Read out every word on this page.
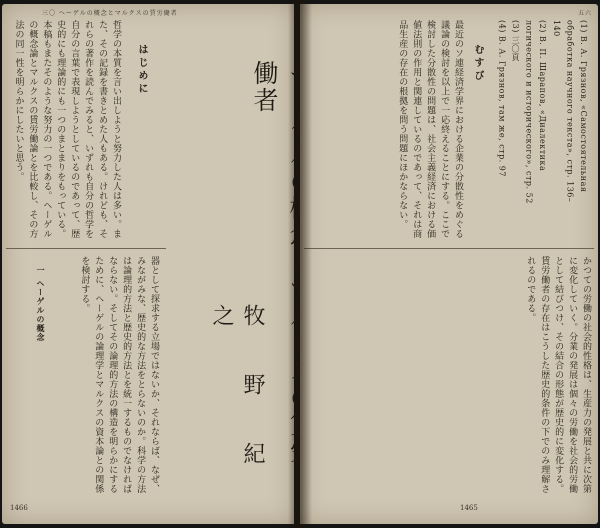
三〇 ヘーゲルの概念とマルクスの賃労働者
哲学の本質を言い出しようと努力した人は多い。また、その記録を書きとめた人もある。けれども、それらの著作を読んでみると、いずれも自分の哲学を自分の言葉で表現しようとしているのであって、歴史的にも理論的にも一つのまとまりをもっている。本稿もまたそのような努力の一つである。ヘーゲルの概念論とマルクスの賃労働論とを比較し、その方法の同一性を明らかにしたいと思う。	はじめに
器として探求する立場ではないか、それならば、なぜ、みながみな、歴史的な方法をとらないのか。科学の方法は論理的方法と歴史的方法とを統一するものでなければならない。そしてその論理的方法の構造を明らかにするために、ヘーゲルの論理学とマルクスの資本論との関係を検討する。
一 ヘーゲルの概念
働者
牧 野 紀 之
1466
五六
(1) В. А. Грязнов, «Самостоятельная обработка научного текста», стр. 136–140
(2) В. П. Шарапов, «Диалектика логического и исторического», стр. 52
(3) 三〇頁
(4) В. А. Грязнов, там же, стр. 97
むすび
最近のソ連経済学界における企業の分散性をめぐる議論の検討を以上で一応終えることにする。ここで検討した分散性の問題は、社会主義経済における価値法則の作用と関連しているのであって、それは商品生産の存在の根拠を問う問題にほかならない。
かつての労働の社会的性格は、生産力の発展と共に次第に変化していく。分業の発展は個々の労働を社会的労働として結びつけ、その結合の形態が歴史的に変化する。賃労働者の存在はこうした歴史的条件の下でのみ理解されるのである。
1465
